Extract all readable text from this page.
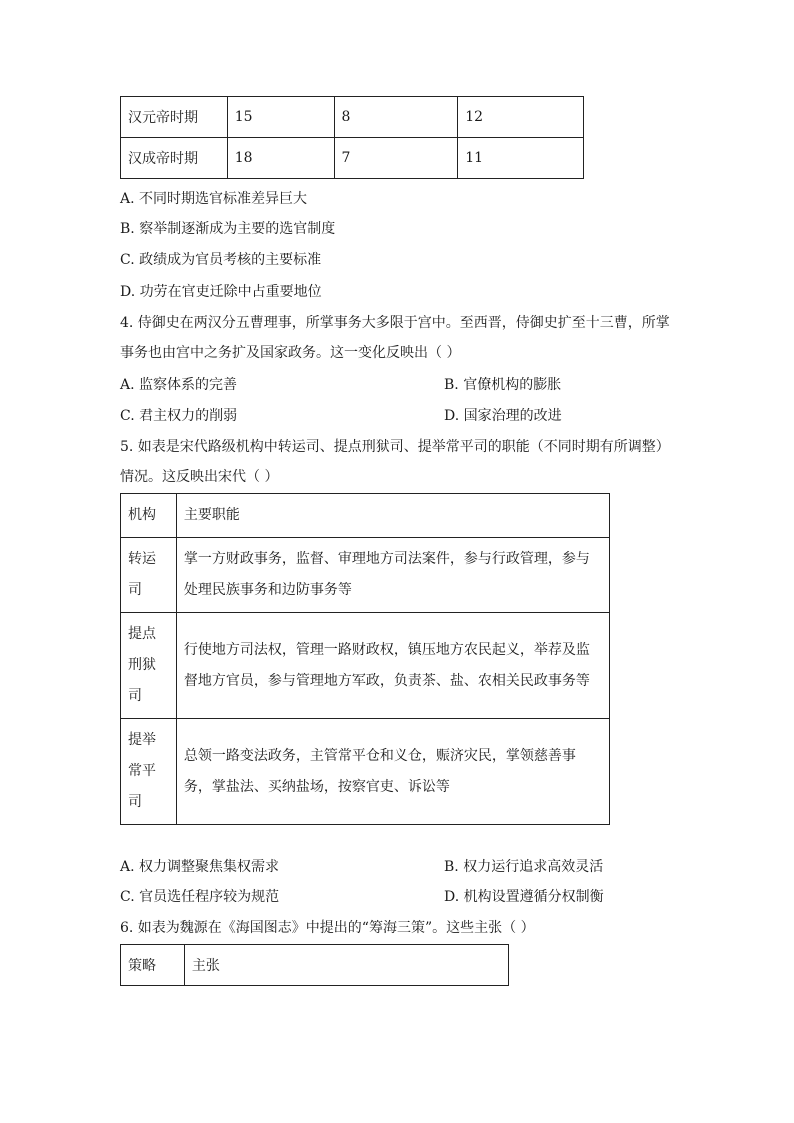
汉元帝时期	15	8	12
汉成帝时期	18	7	11
A. 不同时期选官标准差异巨大
B. 察举制逐渐成为主要的选官制度
C. 政绩成为官员考核的主要标准
D. 功劳在官吏迁除中占重要地位
4. 侍御史在两汉分五曹理事，所掌事务大多限于宫中。至西晋，侍御史扩至十三曹，所掌
事务也由宫中之务扩及国家政务。这一变化反映出（ ）
A. 监察体系的完善	B. 官僚机构的膨胀
C. 君主权力的削弱	D. 国家治理的改进
5. 如表是宋代路级机构中转运司、提点刑狱司、提举常平司的职能（不同时期有所调整）
情况。这反映出宋代（ ）
机构	主要职能

转运
司	掌一方财政事务，监督、审理地方司法案件，参与行政管理，参与
处理民族事务和边防事务等

提点
刑狱
司	行使地方司法权，管理一路财政权，镇压地方农民起义，举荐及监
督地方官员，参与管理地方军政，负责茶、盐、农相关民政事务等

提举
常平
司	总领一路变法政务，主管常平仓和义仓，赈济灾民，掌领慈善事
务，掌盐法、买纳盐场，按察官吏、诉讼等
A. 权力调整聚焦集权需求	B. 权力运行追求高效灵活
C. 官员选任程序较为规范	D. 机构设置遵循分权制衡
6. 如表为魏源在《海国图志》中提出的“筹海三策”。这些主张（ ）
策略	主张
